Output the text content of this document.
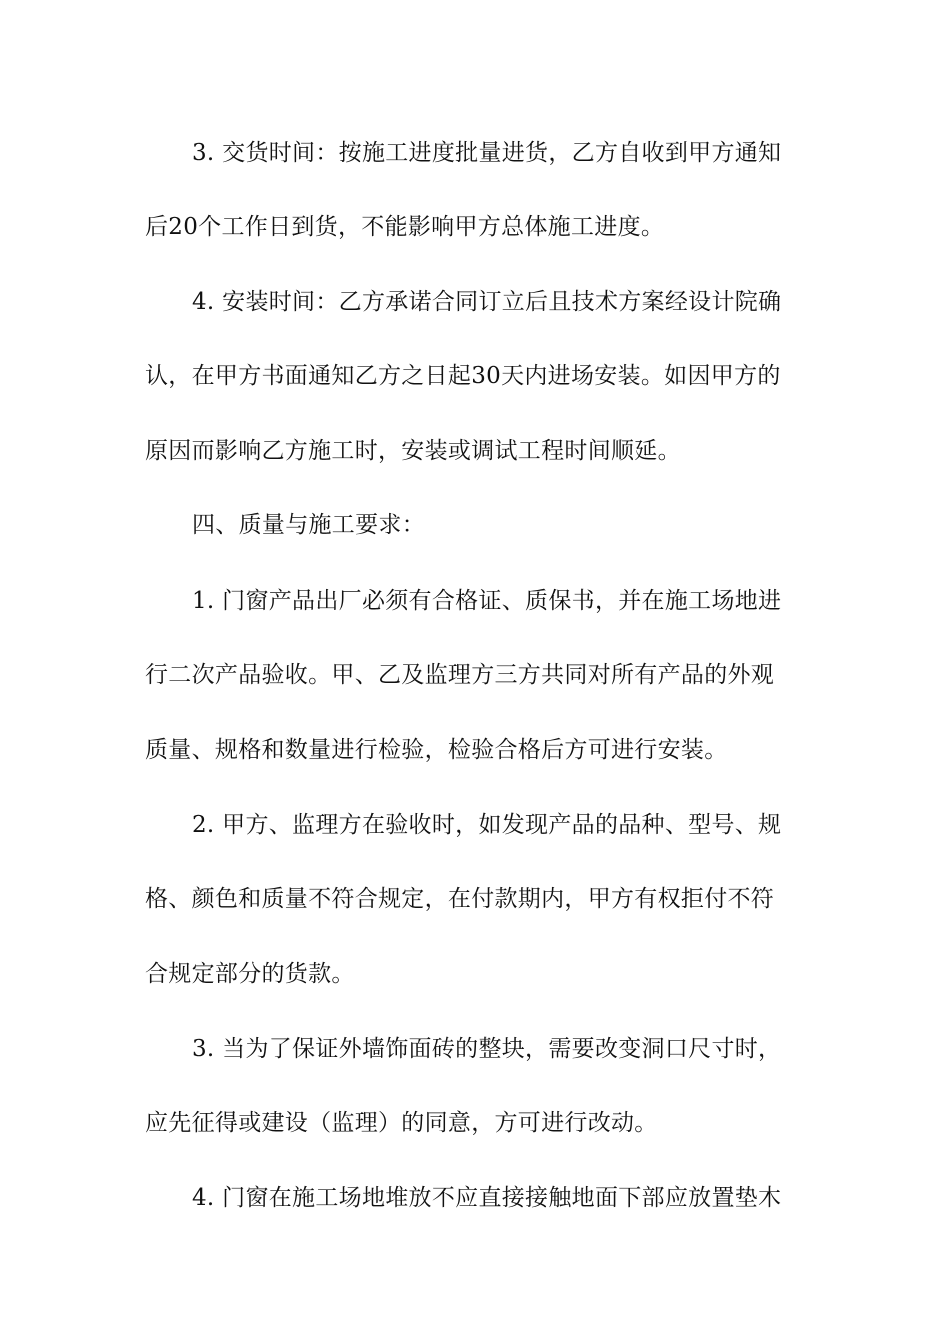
3. 交货时间：按施工进度批量进货，乙方自收到甲方通知
后20个工作日到货，不能影响甲方总体施工进度。
4. 安装时间：乙方承诺合同订立后且技术方案经设计院确
认，在甲方书面通知乙方之日起30天内进场安装。如因甲方的
原因而影响乙方施工时，安装或调试工程时间顺延。
四、质量与施工要求：
1. 门窗产品出厂必须有合格证、质保书，并在施工场地进
行二次产品验收。甲、乙及监理方三方共同对所有产品的外观
质量、规格和数量进行检验，检验合格后方可进行安装。
2. 甲方、监理方在验收时，如发现产品的品种、型号、规
格、颜色和质量不符合规定，在付款期内，甲方有权拒付不符
合规定部分的货款。
3. 当为了保证外墙饰面砖的整块，需要改变洞口尺寸时，
应先征得或建设（监理）的同意，方可进行改动。
4. 门窗在施工场地堆放不应直接接触地面下部应放置垫木
